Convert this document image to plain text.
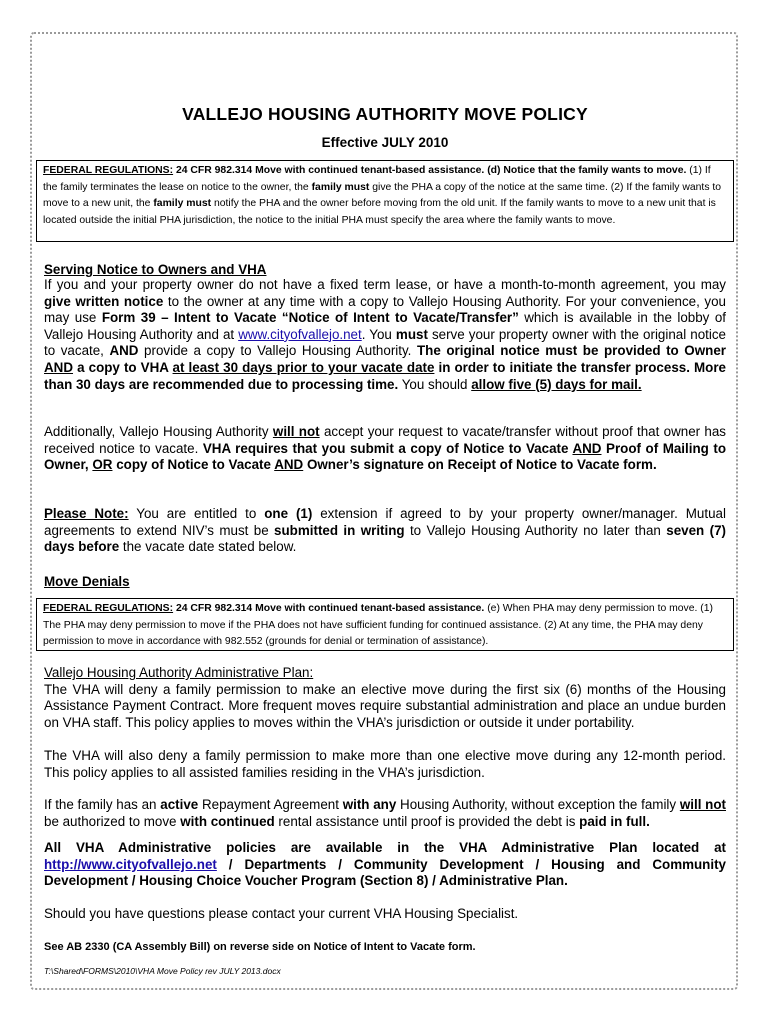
VALLEJO HOUSING AUTHORITY MOVE POLICY
Effective JULY 2010
FEDERAL REGULATIONS: 24 CFR 982.314 Move with continued tenant-based assistance. (d) Notice that the family wants to move. (1) If the family terminates the lease on notice to the owner, the family must give the PHA a copy of the notice at the same time. (2) If the family wants to move to a new unit, the family must notify the PHA and the owner before moving from the old unit. If the family wants to move to a new unit that is located outside the initial PHA jurisdiction, the notice to the initial PHA must specify the area where the family wants to move.
Serving Notice to Owners and VHA
If you and your property owner do not have a fixed term lease, or have a month-to-month agreement, you may give written notice to the owner at any time with a copy to Vallejo Housing Authority. For your convenience, you may use Form 39 – Intent to Vacate “Notice of Intent to Vacate/Transfer” which is available in the lobby of Vallejo Housing Authority and at www.cityofvallejo.net. You must serve your property owner with the original notice to vacate, AND provide a copy to Vallejo Housing Authority. The original notice must be provided to Owner AND a copy to VHA at least 30 days prior to your vacate date in order to initiate the transfer process. More than 30 days are recommended due to processing time. You should allow five (5) days for mail.
Additionally, Vallejo Housing Authority will not accept your request to vacate/transfer without proof that owner has received notice to vacate. VHA requires that you submit a copy of Notice to Vacate AND Proof of Mailing to Owner, OR copy of Notice to Vacate AND Owner’s signature on Receipt of Notice to Vacate form.
Please Note: You are entitled to one (1) extension if agreed to by your property owner/manager. Mutual agreements to extend NIV’s must be submitted in writing to Vallejo Housing Authority no later than seven (7) days before the vacate date stated below.
Move Denials
FEDERAL REGULATIONS: 24 CFR 982.314 Move with continued tenant-based assistance. (e) When PHA may deny permission to move. (1) The PHA may deny permission to move if the PHA does not have sufficient funding for continued assistance. (2) At any time, the PHA may deny permission to move in accordance with 982.552 (grounds for denial or termination of assistance).
Vallejo Housing Authority Administrative Plan:
The VHA will deny a family permission to make an elective move during the first six (6) months of the Housing Assistance Payment Contract. More frequent moves require substantial administration and place an undue burden on VHA staff. This policy applies to moves within the VHA’s jurisdiction or outside it under portability.
The VHA will also deny a family permission to make more than one elective move during any 12-month period. This policy applies to all assisted families residing in the VHA’s jurisdiction.
If the family has an active Repayment Agreement with any Housing Authority, without exception the family will not be authorized to move with continued rental assistance until proof is provided the debt is paid in full.
All VHA Administrative policies are available in the VHA Administrative Plan located at http://www.cityofvallejo.net / Departments / Community Development / Housing and Community Development / Housing Choice Voucher Program (Section 8) / Administrative Plan.
Should you have questions please contact your current VHA Housing Specialist.
See AB 2330 (CA Assembly Bill) on reverse side on Notice of Intent to Vacate form.
T:\Shared\FORMS\2010\VHA Move Policy rev JULY 2013.docx
